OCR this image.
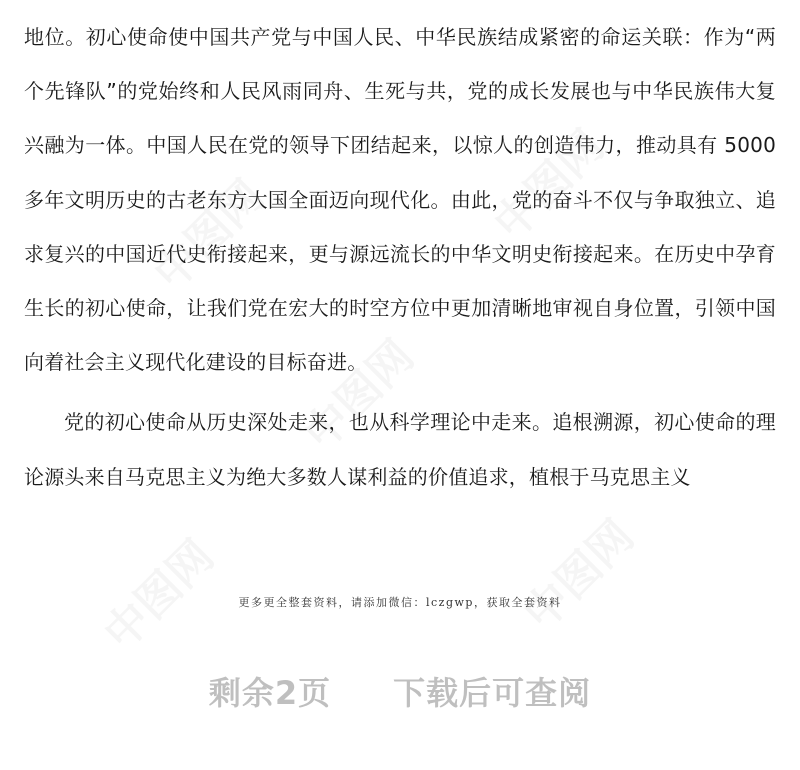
中图网	中图网
中图网
中图网	中图网

地位。初心使命使中国共产党与中国人民、中华民族结成紧密的命运关联：作为“两个先锋队”的党始终和人民风雨同舟、生死与共，党的成长发展也与中华民族伟大复兴融为一体。中国人民在党的领导下团结起来，以惊人的创造伟力，推动具有 5000 多年文明历史的古老东方大国全面迈向现代化。由此，党的奋斗不仅与争取独立、追求复兴的中国近代史衔接起来，更与源远流长的中华文明史衔接起来。在历史中孕育生长的初心使命，让我们党在宏大的时空方位中更加清晰地审视自身位置，引领中国向着社会主义现代化建设的目标奋进。

党的初心使命从历史深处走来，也从科学理论中走来。追根溯源，初心使命的理论源头来自马克思主义为绝大多数人谋利益的价值追求，植根于马克思主义

更多更全整套资料，请添加微信：lczgwp，获取全套资料
剩余2页 下载后可查阅
